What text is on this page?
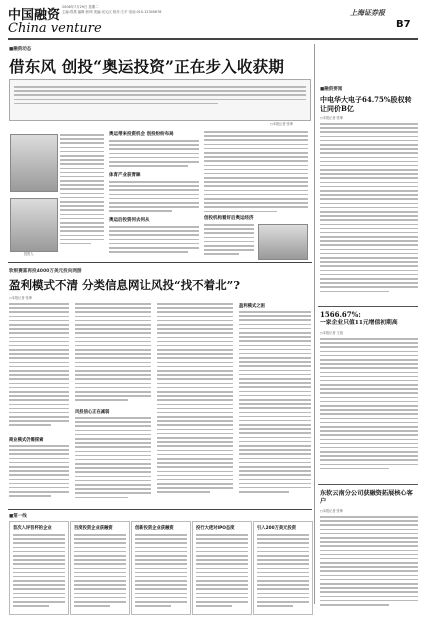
中国融资
2008年7月29日 星期二
主编:郑燕 编辑:张坤 美编:吴元汉 校对:王平 电话:010-12345678	上海证券报
China venture	B7
■融资动态
借东风 创投“奥运投资”正在步入收获期
○本报记者 张坤
投资人
奥运带来投资机会 创投纷纷布局
体育产业获青睐
奥运后投资何去何从	创投机构看好后奥运经济
■融资要闻
中电华大电子64.75%股权转让同价B亿
○本报记者 张坤
软银赛富再投4000万美元投向网游
盈利模式不清 分类信息网让风投“找不着北”?
○本报记者 张坤
商业模式仍需探索
风投信心正在减弱
盈利模式之困
1566.67%:
一家企业只值11元增值初期高
○本报记者 王旭
东软云南分公司获融资拓展核心客户
○本报记者 张坤
■第一线
首次入评吾杯的企业	百度投资企业获融资	创新投资企业获融资	投行大佬对IPO态度	引入200万美元投资
